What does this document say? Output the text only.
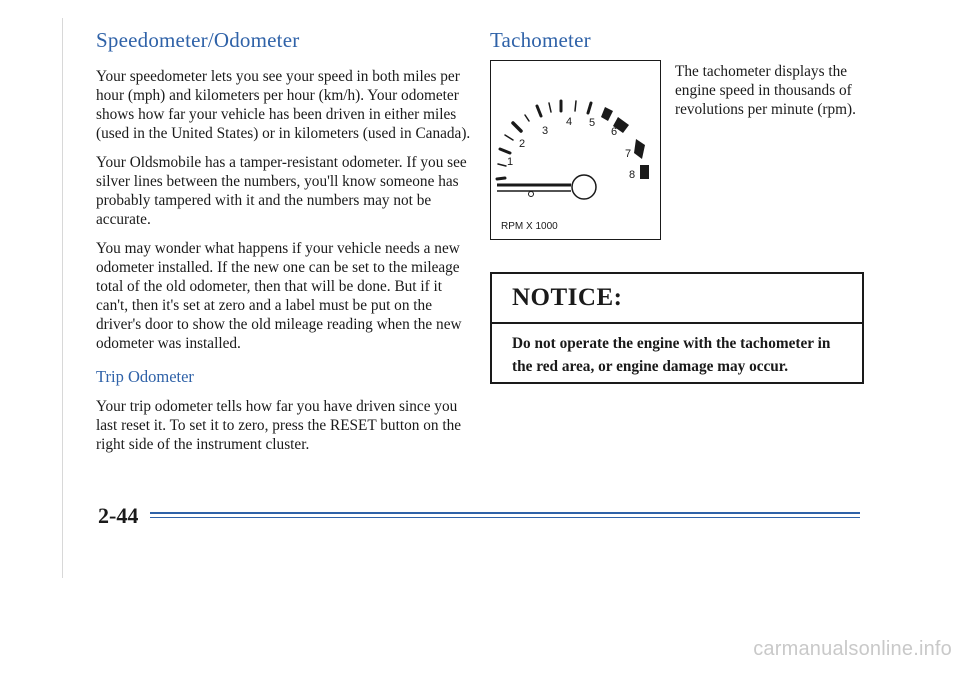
Speedometer/Odometer

Your speedometer lets you see your speed in both miles per hour (mph) and kilometers per hour (km/h). Your odometer shows how far your vehicle has been driven in either miles (used in the United States) or in kilometers (used in Canada).

Your Oldsmobile has a tamper-resistant odometer. If you see silver lines between the numbers, you'll know someone has probably tampered with it and the numbers may not be accurate.

You may wonder what happens if your vehicle needs a new odometer installed. If the new one can be set to the mileage total of the old odometer, then that will be done. But if it can't, then it's set at zero and a label must be put on the driver's door to show the old mileage reading when the new odometer was installed.

Trip Odometer

Your trip odometer tells how far you have driven since you last reset it. To set it to zero, press the RESET button on the right side of the instrument cluster.

Tachometer
1
2
3
4 5
6
7
8
RPM X 1000

The tachometer displays the engine speed in thousands of revolutions per minute (rpm).

NOTICE:
Do not operate the engine with the tachometer in the red area, or engine damage may occur.
2-44
carmanualsonline.info
